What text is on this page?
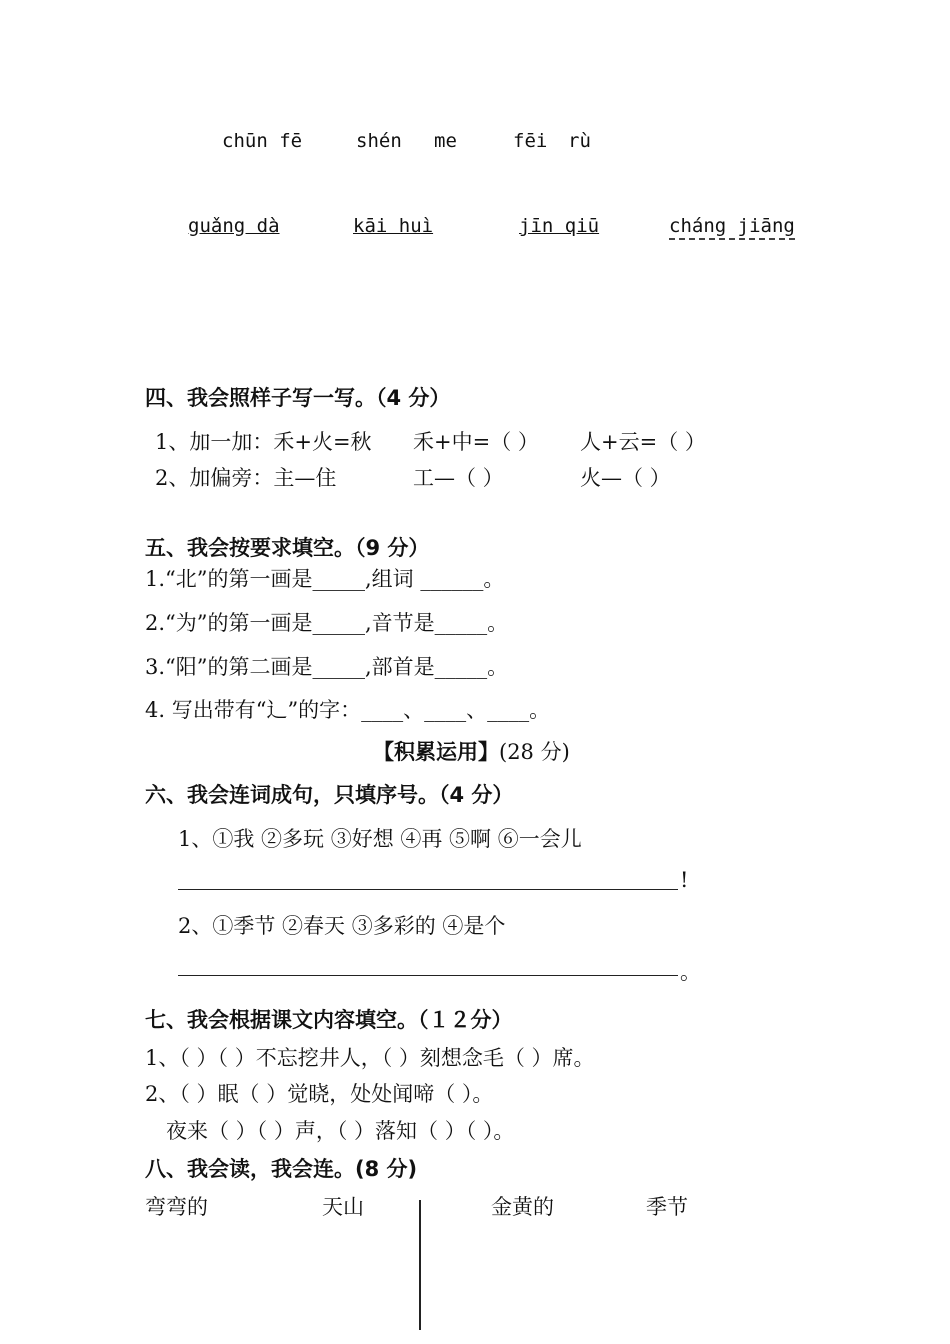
chūn fē	shén me	fēi rù
guǎng dà	kāi huì	jīn qiū	cháng jiāng
四、我会照样子写一写。（4 分）
1、加一加：禾+火=秋 禾+中=（ ） 人+云=（ ）
2、加偏旁：主—住	工—（ ）	火—（ ）
五、我会按要求填空。（9 分）
1.“北”的第一画是_____,组词 ______。
2.“为”的第一画是_____,音节是_____。
3.“阳”的第二画是_____,部首是_____。
4. 写出带有“⻌”的字：____、____、____。
【积累运用】(28 分)
六、我会连词成句，只填序号。（4 分）
1、①我 ②多玩 ③好想 ④再 ⑤啊 ⑥一会儿
!
2、①季节 ②春天 ③多彩的 ④是个
。
七、我会根据课文内容填空。（１２分）
1、（ ）（ ）不忘挖井人，（ ）刻想念毛（ ）席。
2、（ ）眠（ ）觉晓，处处闻啼（ ）。
夜来（ ）（ ）声，（ ）落知（ ）（ ）。
八、我会读，我会连。(8 分)
弯弯的	天山	金黄的	季节
